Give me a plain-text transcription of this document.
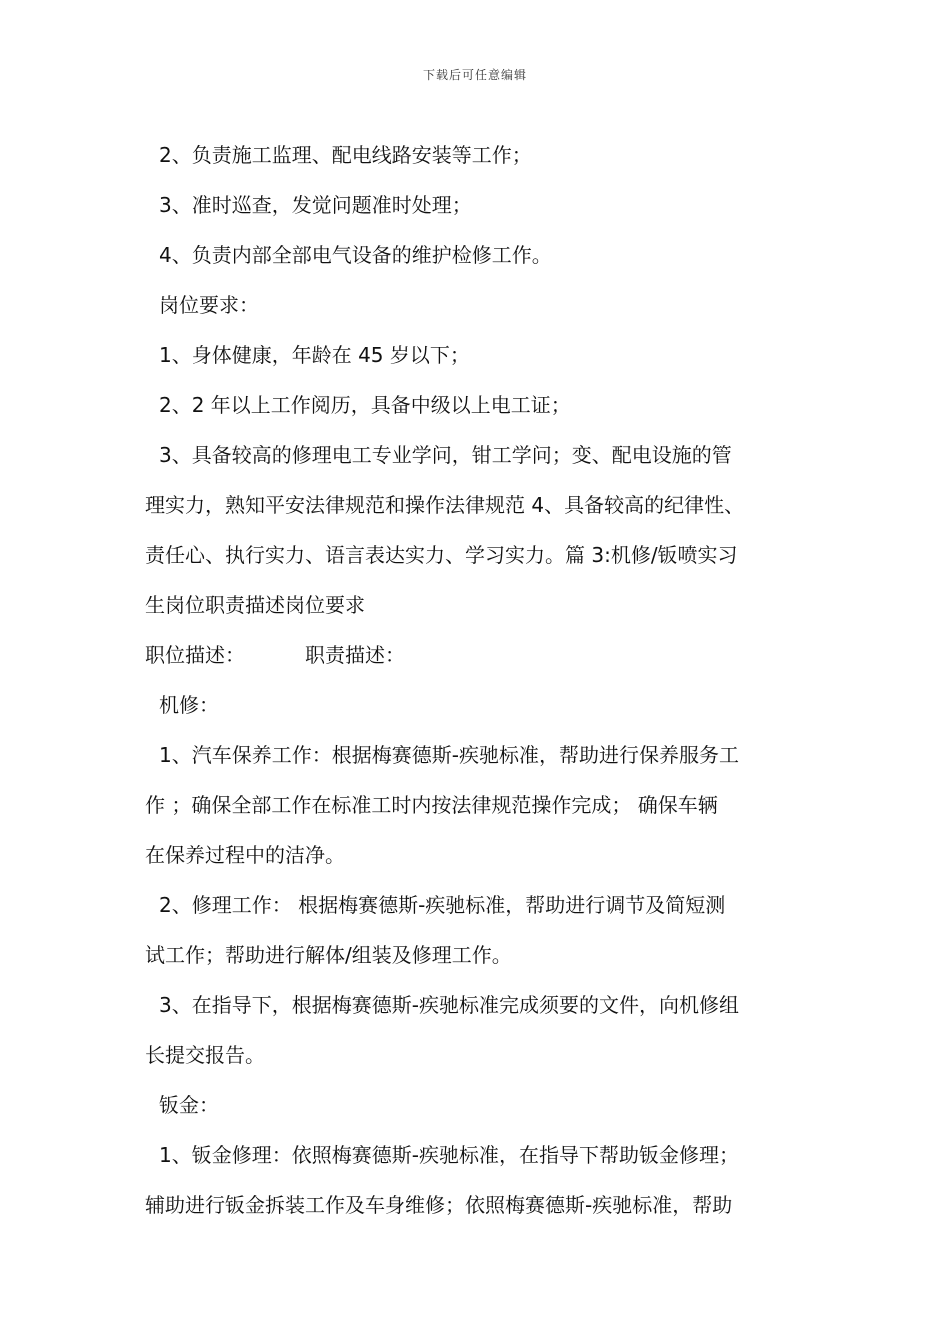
下载后可任意编辑

2、负责施工监理、配电线路安装等工作；

3、准时巡查，发觉问题准时处理；

4、负责内部全部电气设备的维护检修工作。

岗位要求：

1、身体健康，年龄在 45 岁以下；

2、2 年以上工作阅历，具备中级以上电工证；

3、具备较高的修理电工专业学问，钳工学问；变、配电设施的管

理实力，熟知平安法律规范和操作法律规范 4、具备较高的纪律性、

责任心、执行实力、语言表达实力、学习实力。篇 3:机修/钣喷实习

生岗位职责描述岗位要求

职位描述：	职责描述：

机修：

1、汽车保养工作：根据梅赛德斯-疾驰标准，帮助进行保养服务工

作 ；确保全部工作在标准工时内按法律规范操作完成； 确保车辆

在保养过程中的洁净。

2、修理工作： 根据梅赛德斯-疾驰标准，帮助进行调节及简短测

试工作；帮助进行解体/组装及修理工作。

3、在指导下，根据梅赛德斯-疾驰标准完成须要的文件，向机修组

长提交报告。

钣金：

1、钣金修理：依照梅赛德斯-疾驰标准，在指导下帮助钣金修理；

辅助进行钣金拆装工作及车身维修；依照梅赛德斯-疾驰标准，帮助
